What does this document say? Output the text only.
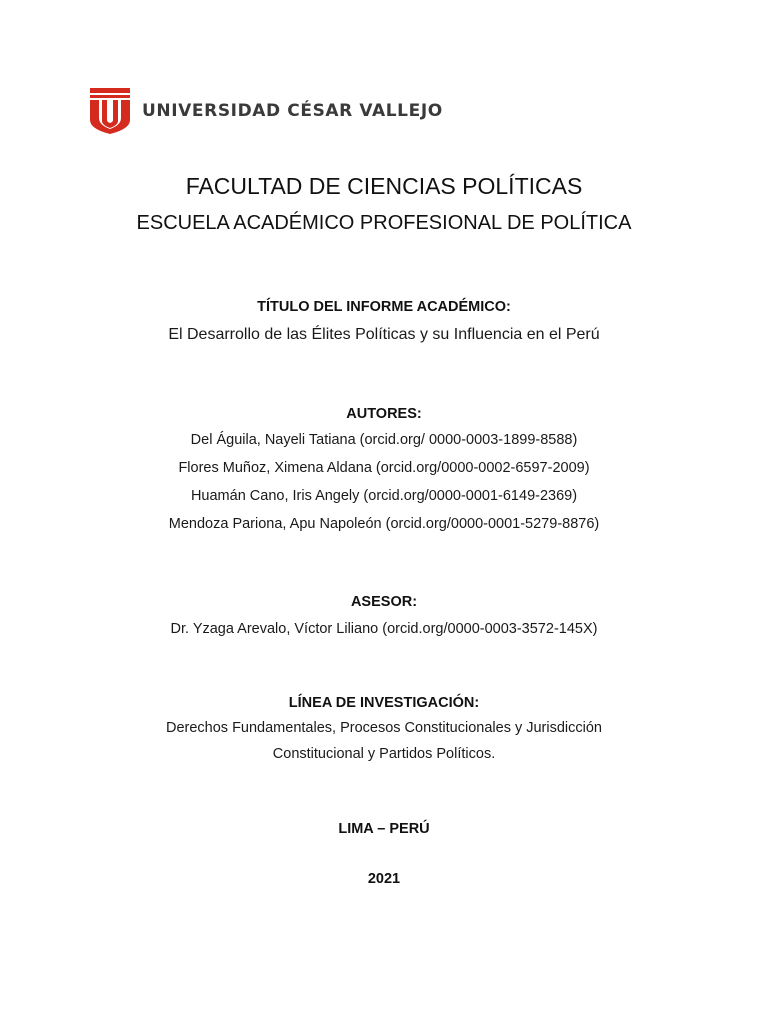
UNIVERSIDAD CÉSAR VALLEJO
FACULTAD DE CIENCIAS POLÍTICAS
ESCUELA ACADÉMICO PROFESIONAL DE POLÍTICA
TÍTULO DEL INFORME ACADÉMICO:
El Desarrollo de las Élites Políticas y su Influencia en el Perú
AUTORES:
Del Águila, Nayeli Tatiana (orcid.org/ 0000-0003-1899-8588)
Flores Muñoz, Ximena Aldana (orcid.org/0000-0002-6597-2009)
Huamán Cano, Iris Angely (orcid.org/0000-0001-6149-2369)
Mendoza Pariona, Apu Napoleón (orcid.org/0000-0001-5279-8876)
ASESOR:
Dr. Yzaga Arevalo, Víctor Liliano (orcid.org/0000-0003-3572-145X)
LÍNEA DE INVESTIGACIÓN:
Derechos Fundamentales, Procesos Constitucionales y Jurisdicción
Constitucional y Partidos Políticos.
LIMA – PERÚ
2021
